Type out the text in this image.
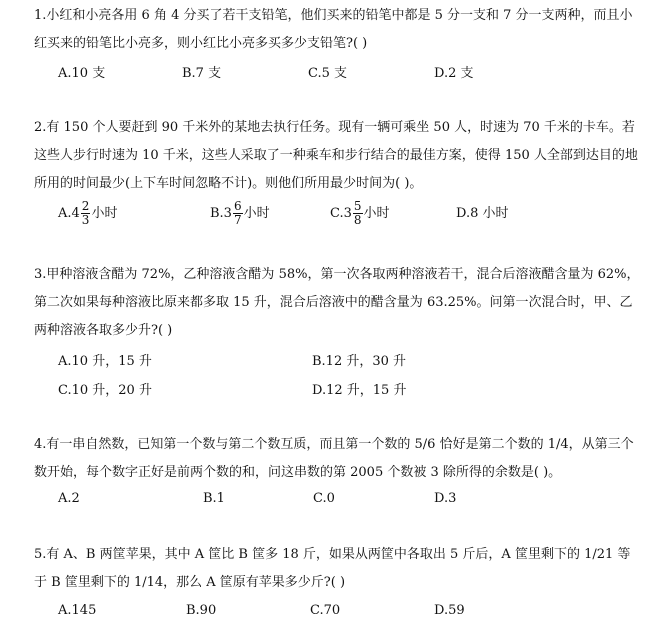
1.小红和小亮各用 6 角 4 分买了若干支铅笔，他们买来的铅笔中都是 5 分一支和 7 分一支两种，而且小红买来的铅笔比小亮多，则小红比小亮多买多少支铅笔?( )

A.10 支	B.7 支	C.5 支	D.2 支

2.有 150 个人要赶到 90 千米外的某地去执行任务。现有一辆可乘坐 50 人，时速为 70 千米的卡车。若这些人步行时速为 10 千米，这些人采取了一种乘车和步行结合的最佳方案，使得 150 人全部到达目的地所用的时间最少(上下车时间忽略不计)。则他们所用最少时间为( )。

$A.4 \frac{2}{3}$ 小时	$B.3 \frac{6}{7}$ 小时	$C.3 \frac{5}{8}$ 小时	D.8 小时

3.甲种溶液含醋为 72%，乙种溶液含醋为 58%，第一次各取两种溶液若干，混合后溶液醋含量为 62%，第二次如果每种溶液比原来都多取 15 升，混合后溶液中的醋含量为 63.25%。问第一次混合时，甲、乙两种溶液各取多少升?( )

A.10 升，15 升	B.12 升，30 升
C.10 升，20 升	D.12 升，15 升

4.有一串自然数，已知第一个数与第二个数互质，而且第一个数的 5/6 恰好是第二个数的 1/4，从第三个数开始，每个数字正好是前两个数的和，问这串数的第 2005 个数被 3 除所得的余数是( )。

A.2	B.1	C.0	D.3

5.有 A、B 两筐苹果，其中 A 筐比 B 筐多 18 斤，如果从两筐中各取出 5 斤后，A 筐里剩下的 1/21 等于 B 筐里剩下的 1/14，那么 A 筐原有苹果多少斤?( )

A.145	B.90	C.70	D.59
